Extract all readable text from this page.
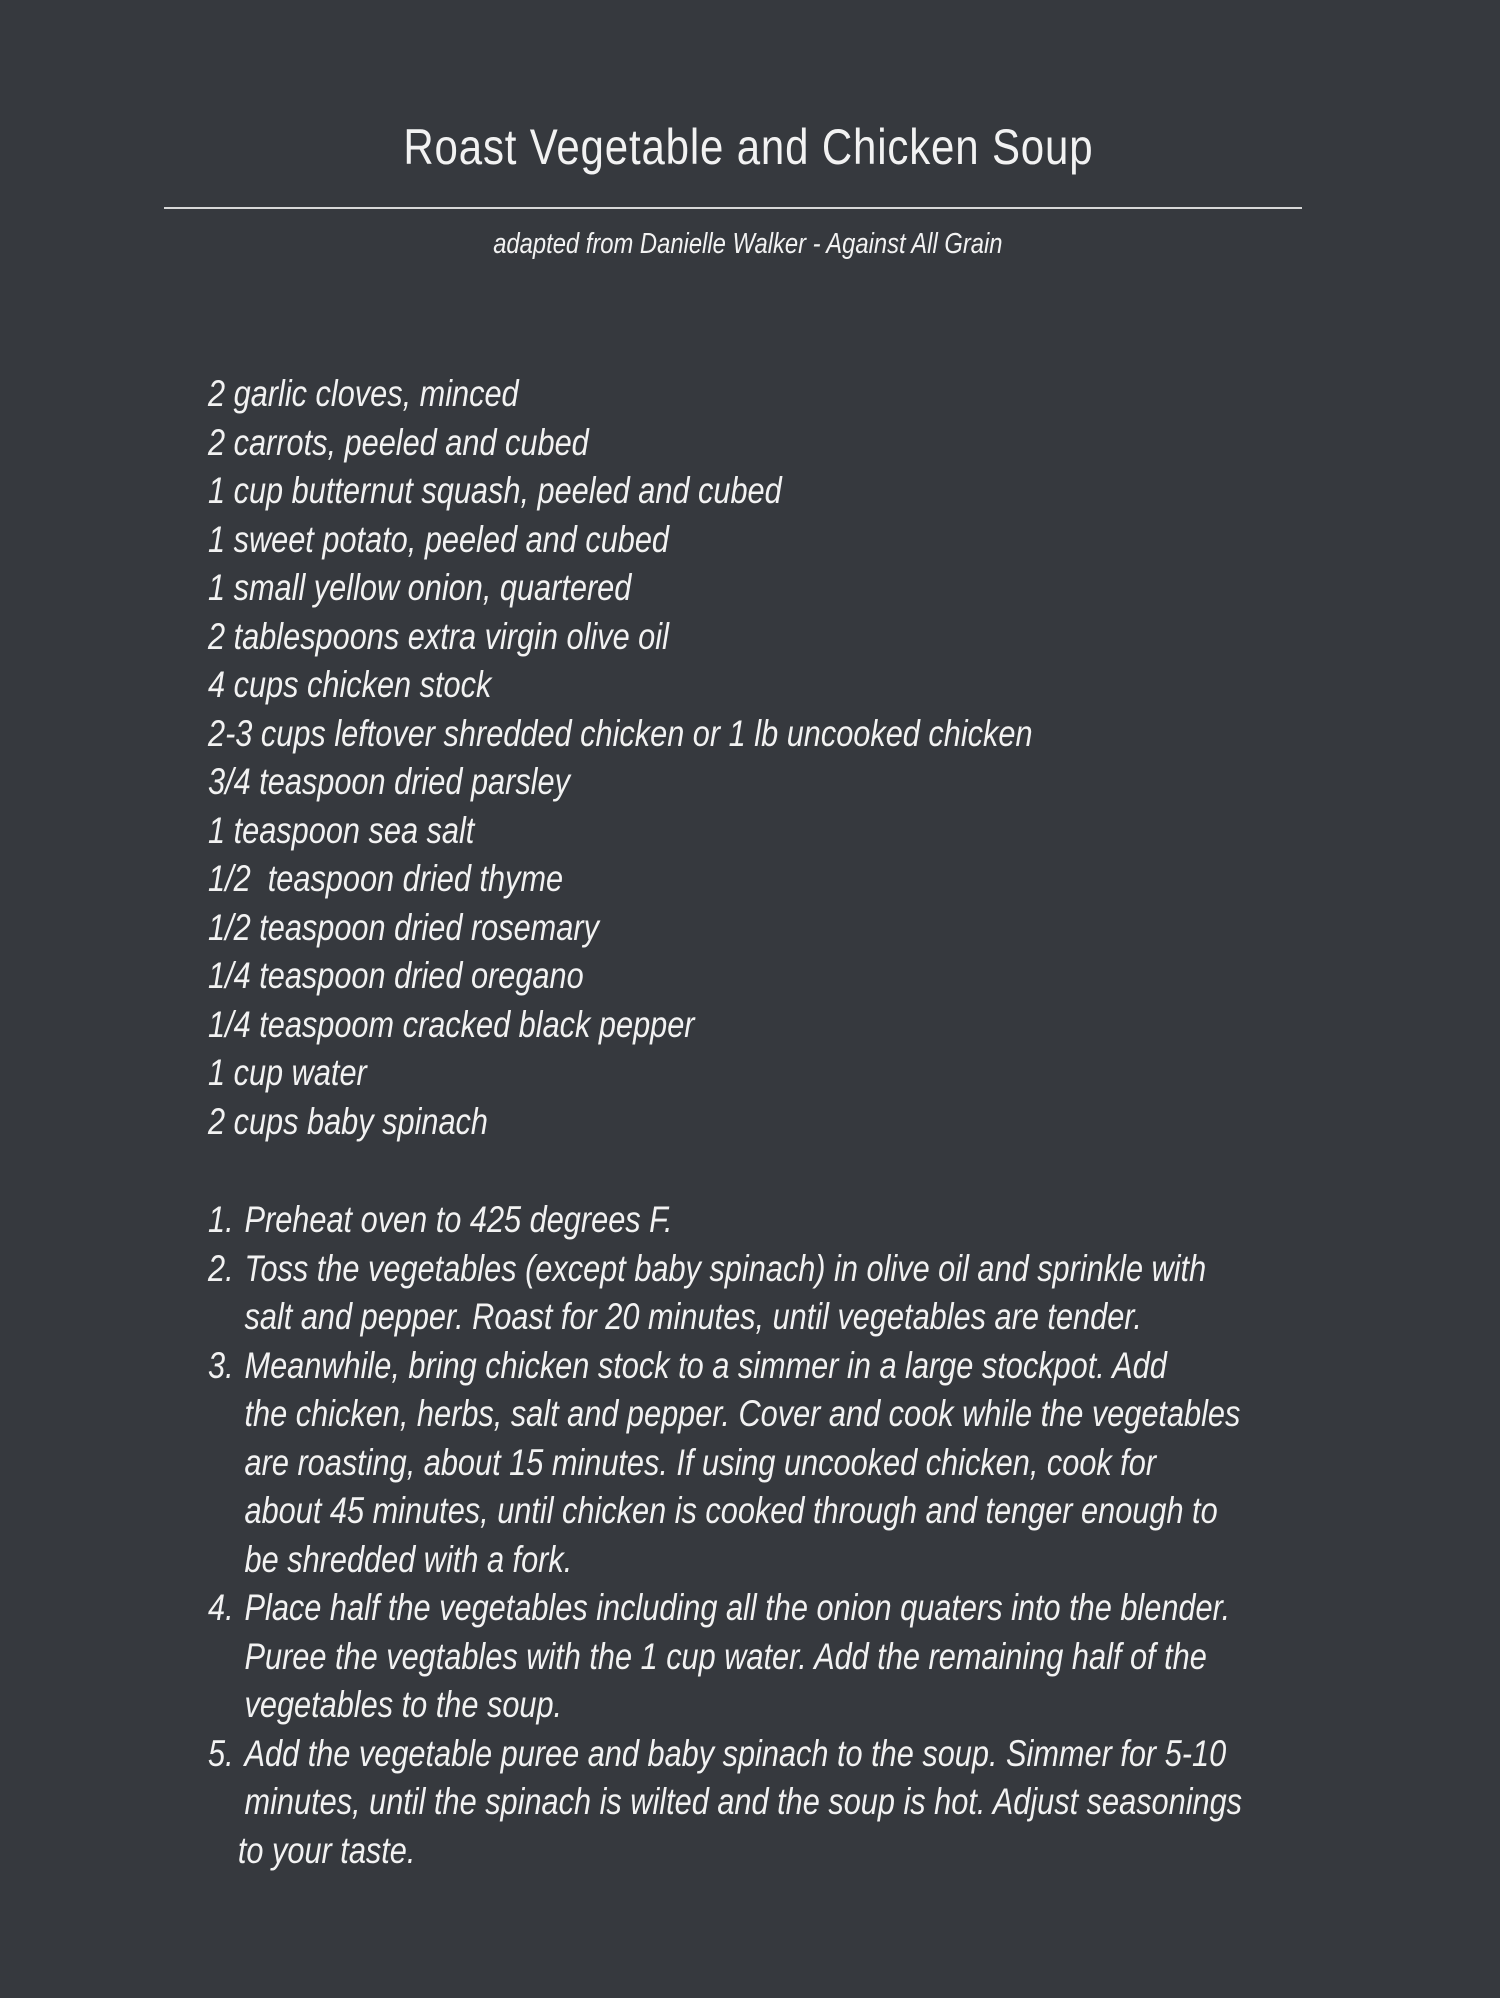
Roast Vegetable and Chicken Soup

adapted from Danielle Walker - Against All Grain

2 garlic cloves, minced
2 carrots, peeled and cubed
1 cup butternut squash, peeled and cubed
1 sweet potato, peeled and cubed
1 small yellow onion, quartered
2 tablespoons extra virgin olive oil
4 cups chicken stock
2-3 cups leftover shredded chicken or 1 lb uncooked chicken
3/4 teaspoon dried parsley
1 teaspoon sea salt
1/2  teaspoon dried thyme
1/2 teaspoon dried rosemary
1/4 teaspoon dried oregano
1/4 teaspoom cracked black pepper
1 cup water
2 cups baby spinach
1. Preheat oven to 425 degrees F.
2. Toss the vegetables (except baby spinach) in olive oil and sprinkle with
salt and pepper. Roast for 20 minutes, until vegetables are tender.
3. Meanwhile, bring chicken stock to a simmer in a large stockpot. Add
the chicken, herbs, salt and pepper. Cover and cook while the vegetables
are roasting, about 15 minutes. If using uncooked chicken, cook for
about 45 minutes, until chicken is cooked through and tenger enough to
be shredded with a fork.
4. Place half the vegetables including all the onion quaters into the blender.
Puree the vegtables with the 1 cup water. Add the remaining half of the
vegetables to the soup.
5. Add the vegetable puree and baby spinach to the soup. Simmer for 5-10
minutes, until the spinach is wilted and the soup is hot. Adjust seasonings
to your taste.
